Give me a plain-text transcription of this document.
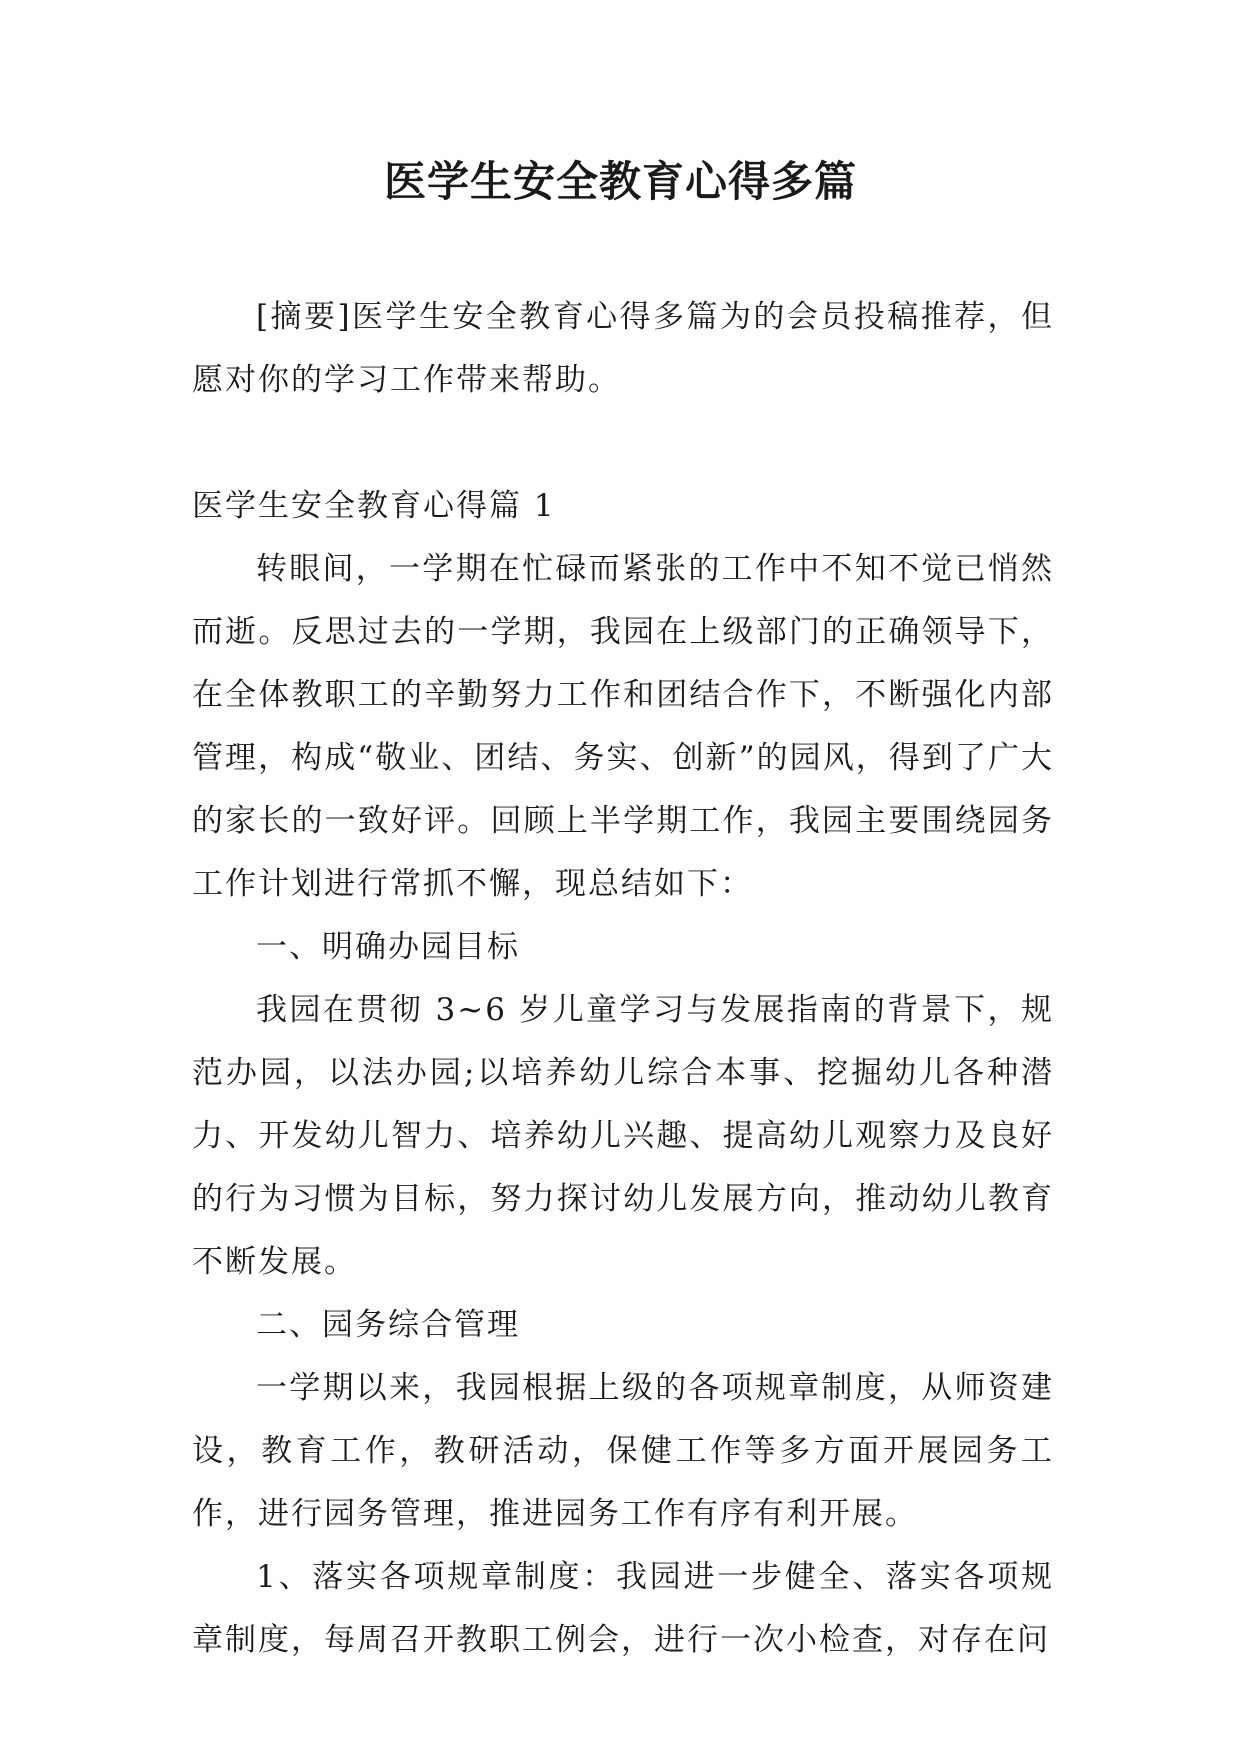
医学生安全教育心得多篇

[摘要]医学生安全教育心得多篇为的会员投稿推荐，但愿对你的学习工作带来帮助。

医学生安全教育心得篇 1

转眼间，一学期在忙碌而紧张的工作中不知不觉已悄然而逝。反思过去的一学期，我园在上级部门的正确领导下，在全体教职工的辛勤努力工作和团结合作下，不断强化内部管理，构成“敬业、团结、务实、创新”的园风，得到了广大的家长的一致好评。回顾上半学期工作，我园主要围绕园务工作计划进行常抓不懈，现总结如下：

一、明确办园目标

我园在贯彻 3~6 岁儿童学习与发展指南的背景下，规范办园，以法办园;以培养幼儿综合本事、挖掘幼儿各种潜力、开发幼儿智力、培养幼儿兴趣、提高幼儿观察力及良好的行为习惯为目标，努力探讨幼儿发展方向，推动幼儿教育不断发展。

二、园务综合管理

一学期以来，我园根据上级的各项规章制度，从师资建设，教育工作，教研活动，保健工作等多方面开展园务工作，进行园务管理，推进园务工作有序有利开展。

1、落实各项规章制度：我园进一步健全、落实各项规章制度，每周召开教职工例会，进行一次小检查，对存在问
